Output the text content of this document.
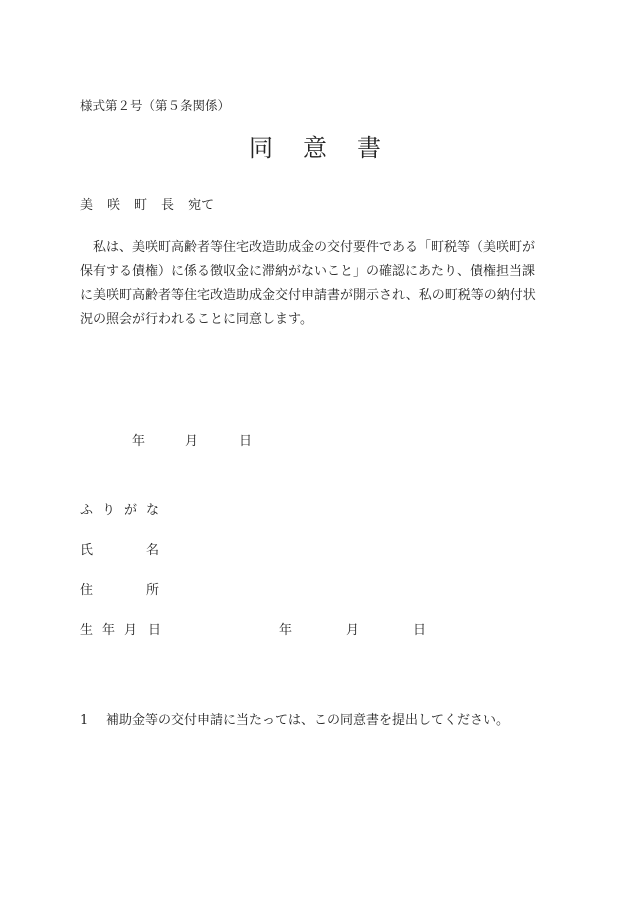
様式第２号（第５条関係）
同 意 書
美 咲 町 長 宛て

　私は、美咲町高齢者等住宅改造助成金の交付要件である「町税等（美咲町が

保有する債権）に係る徴収金に滞納がないこと」の確認にあたり、債権担当課

に美咲町高齢者等住宅改造助成金交付申請書が開示され、私の町税等の納付状

況の照会が行われることに同意します。

年	月	日
ふ り が な
氏	名
住	所
生 年 月 日	年	月	日
1 補助金等の交付申請に当たっては、この同意書を提出してください。
